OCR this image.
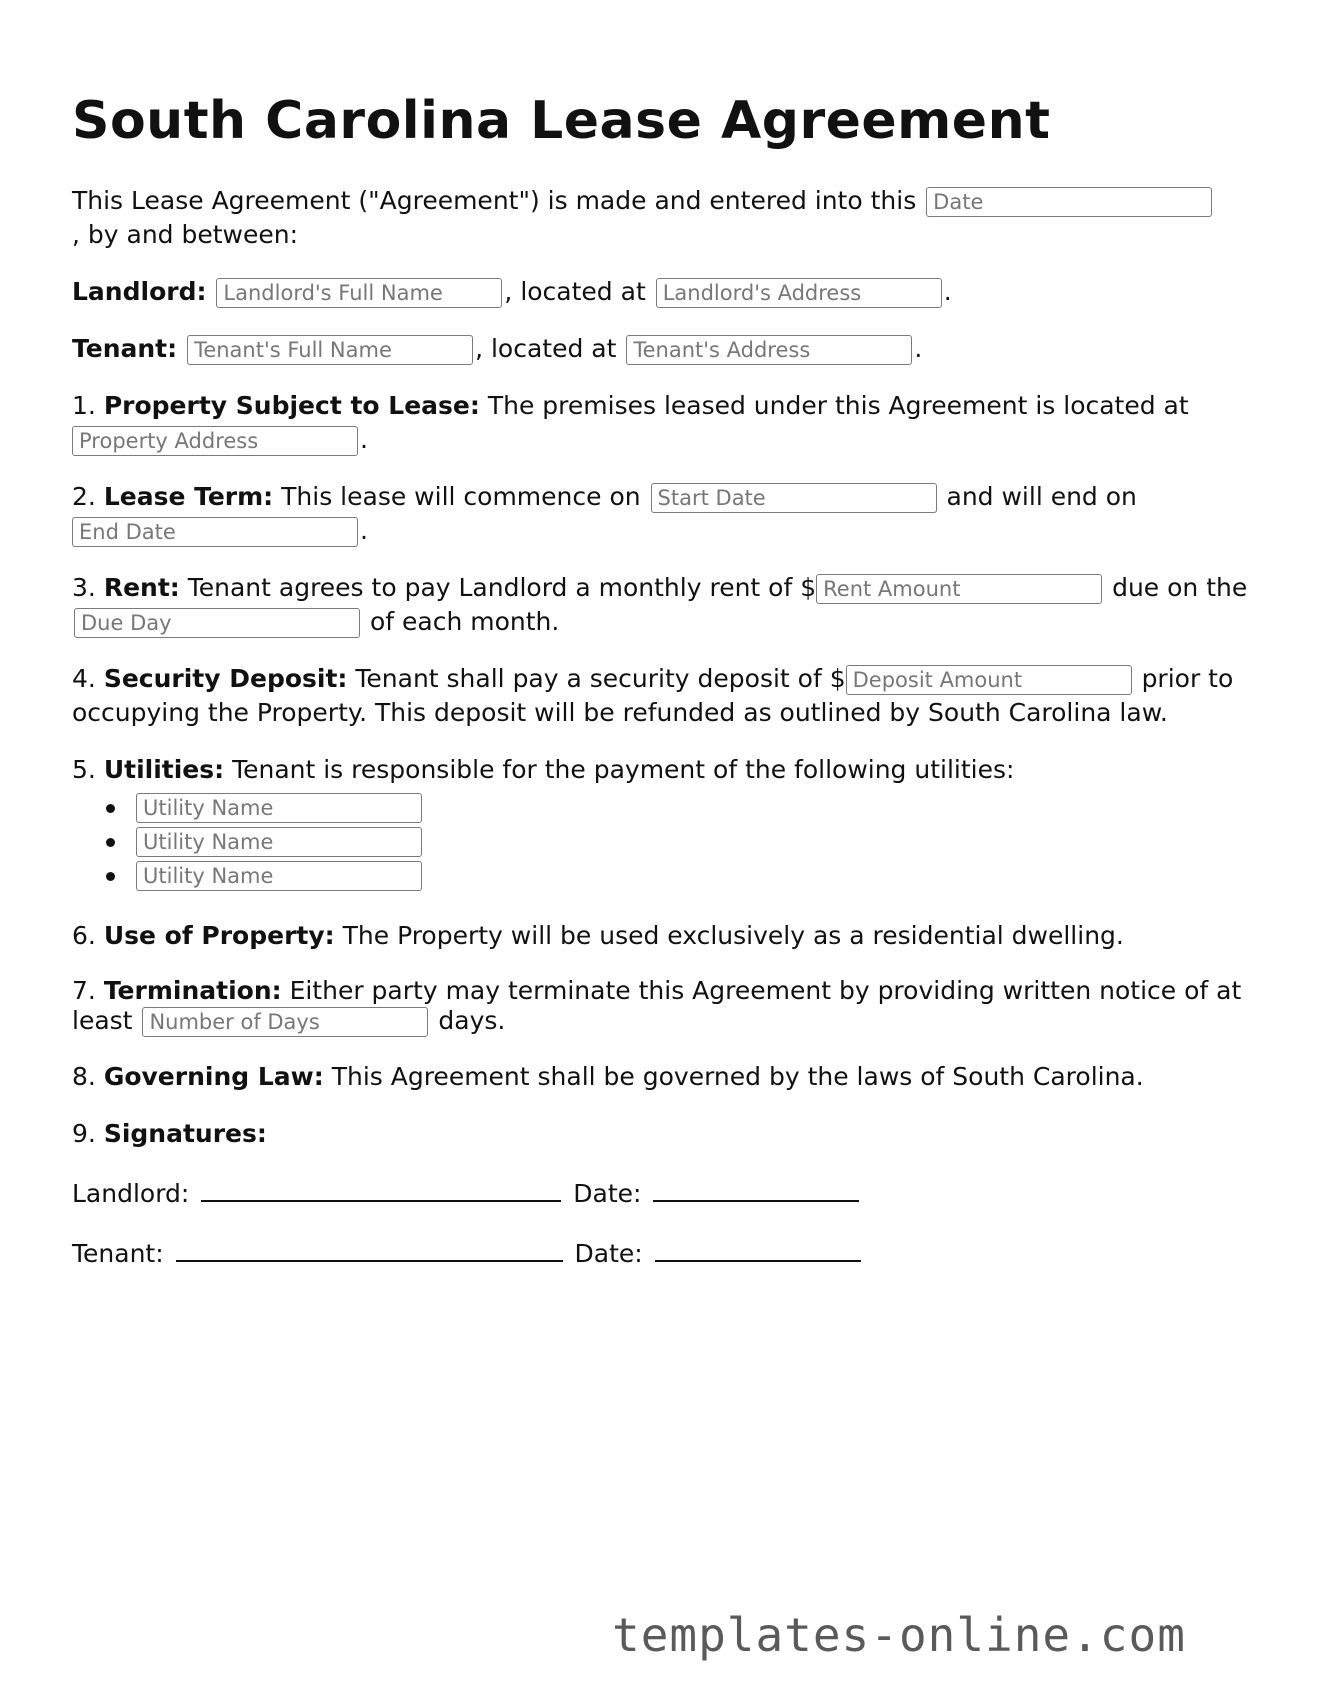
South Carolina Lease Agreement

This Lease Agreement ("Agreement") is made and entered into this Date
, by and between:

Landlord: Landlord's Full Name	, located at Landlord's Address	.

Tenant: Tenant's Full Name	, located at Tenant's Address	.

1. Property Subject to Lease: The premises leased under this Agreement is located at Property Address.

2. Lease Term: This lease will commence on Start Date	and will end on End Date.

3. Rent: Tenant agrees to pay Landlord a monthly rent of $Rent Amount	due on the Due Day of each month.

4. Security Deposit: Tenant shall pay a security deposit of $Deposit Amount	prior to occupying the Property. This deposit will be refunded as outlined by South Carolina law.

5. Utilities: Tenant is responsible for the payment of the following utilities:

Utility Name
Utility Name
Utility Name

6. Use of Property: The Property will be used exclusively as a residential dwelling.

7. Termination: Either party may terminate this Agreement by providing written notice of at least Number of Days	days.

8. Governing Law: This Agreement shall be governed by the laws of South Carolina.

9. Signatures:

Landlord:	Date:

Tenant:	Date:

templates-online.com
